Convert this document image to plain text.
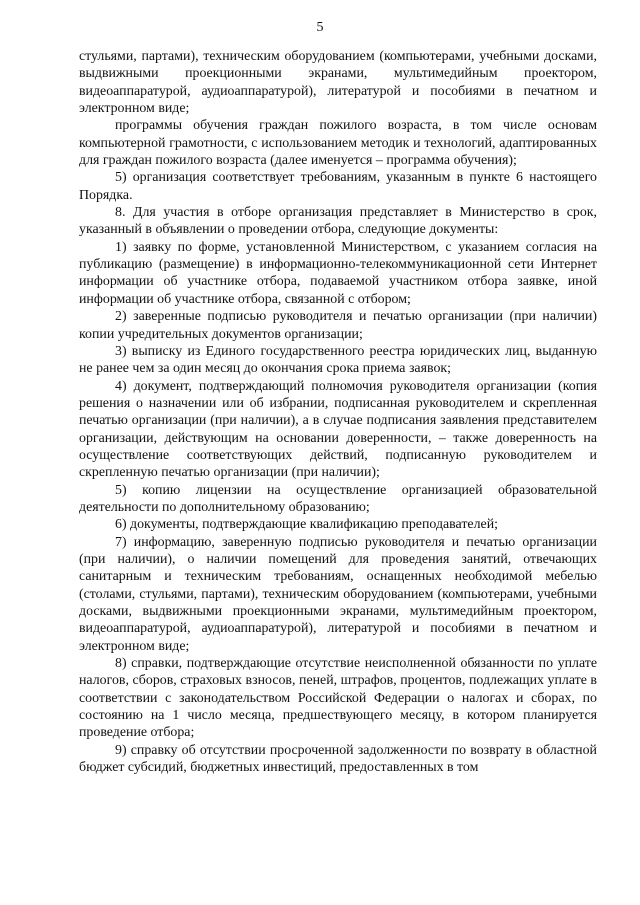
5

стульями, партами), техническим оборудованием (компьютерами, учебными досками, выдвижными проекционными экранами, мультимедийным проектором, видеоаппаратурой, аудиоаппаратурой), литературой и пособиями в печатном и электронном виде;

программы обучения граждан пожилого возраста, в том числе основам компьютерной грамотности, с использованием методик и технологий, адаптированных для граждан пожилого возраста (далее именуется – программа обучения);

5) организация соответствует требованиям, указанным в пункте 6 настоящего Порядка.

8. Для участия в отборе организация представляет в Министерство в срок, указанный в объявлении о проведении отбора, следующие документы:

1) заявку по форме, установленной Министерством, с указанием согласия на публикацию (размещение) в информационно-телекоммуникационной сети Интернет информации об участнике отбора, подаваемой участником отбора заявке, иной информации об участнике отбора, связанной с отбором;

2) заверенные подписью руководителя и печатью организации (при наличии) копии учредительных документов организации;

3) выписку из Единого государственного реестра юридических лиц, выданную не ранее чем за один месяц до окончания срока приема заявок;

4) документ, подтверждающий полномочия руководителя организации (копия решения о назначении или об избрании, подписанная руководителем и скрепленная печатью организации (при наличии), а в случае подписания заявления представителем организации, действующим на основании доверенности, – также доверенность на осуществление соответствующих действий, подписанную руководителем и скрепленную печатью организации (при наличии);

5) копию лицензии на осуществление организацией образовательной деятельности по дополнительному образованию;

6) документы, подтверждающие квалификацию преподавателей;

7) информацию, заверенную подписью руководителя и печатью организации (при наличии), о наличии помещений для проведения занятий, отвечающих санитарным и техническим требованиям, оснащенных необходимой мебелью (столами, стульями, партами), техническим оборудованием (компьютерами, учебными досками, выдвижными проекционными экранами, мультимедийным проектором, видеоаппаратурой, аудиоаппаратурой), литературой и пособиями в печатном и электронном виде;

8) справки, подтверждающие отсутствие неисполненной обязанности по уплате налогов, сборов, страховых взносов, пеней, штрафов, процентов, подлежащих уплате в соответствии с законодательством Российской Федерации о налогах и сборах, по состоянию на 1 число месяца, предшествующего месяцу, в котором планируется проведение отбора;

9) справку об отсутствии просроченной задолженности по возврату в областной бюджет субсидий, бюджетных инвестиций, предоставленных в том
